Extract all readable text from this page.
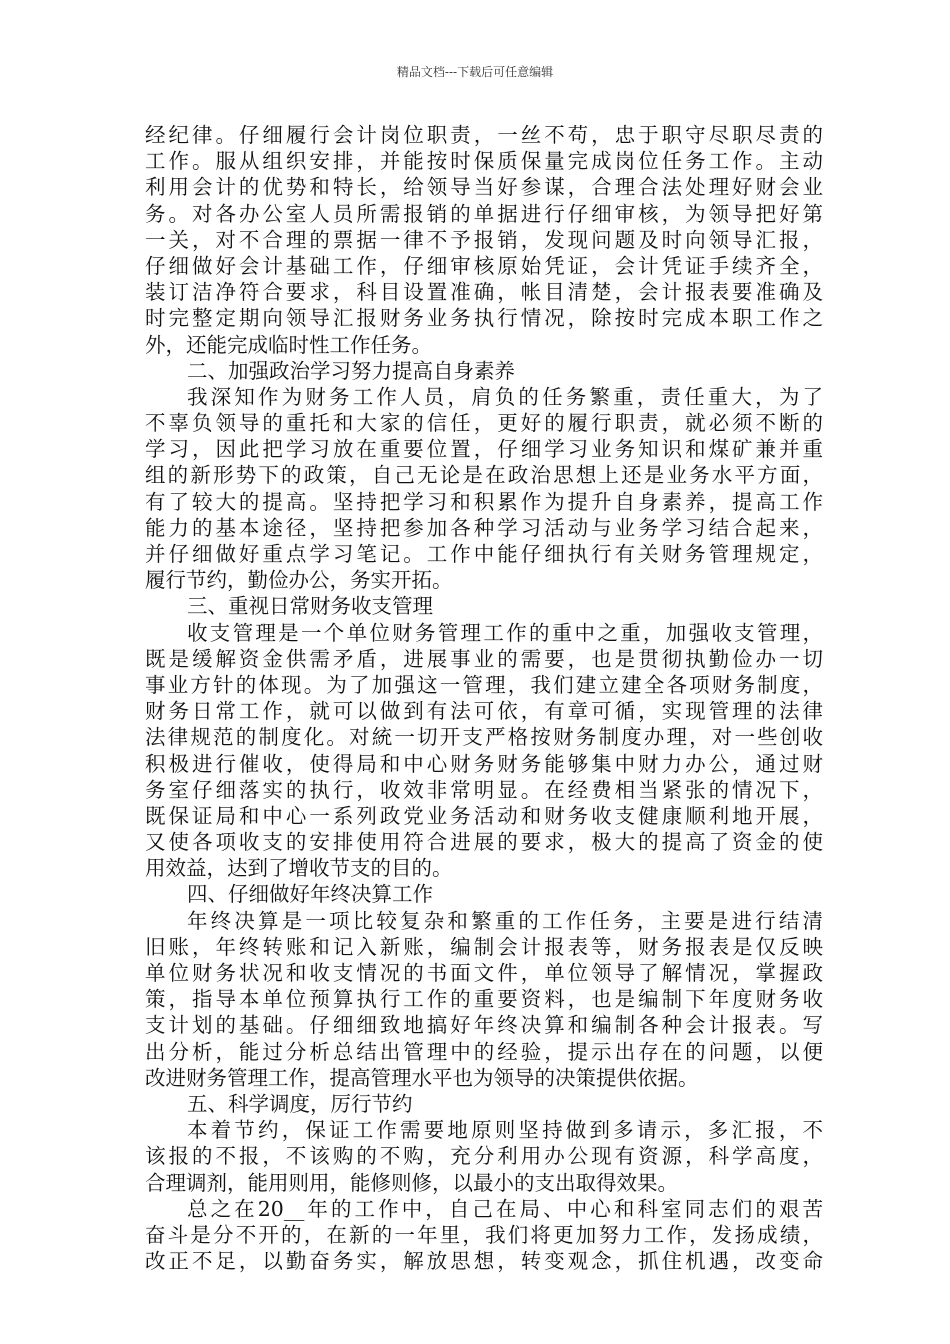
精品文档---下载后可任意编辑
经纪律。仔细履行会计岗位职责，一丝不苟，忠于职守尽职尽责的
工作。服从组织安排，并能按时保质保量完成岗位任务工作。主动
利用会计的优势和特长，给领导当好参谋，合理合法处理好财会业
务。对各办公室人员所需报销的单据进行仔细审核，为领导把好第
一关，对不合理的票据一律不予报销，发现问题及时向领导汇报，
仔细做好会计基础工作，仔细审核原始凭证，会计凭证手续齐全，
装订洁净符合要求，科目设置准确，帐目清楚，会计报表要准确及
时完整定期向领导汇报财务业务执行情况，除按时完成本职工作之
外，还能完成临时性工作任务。
二、加强政治学习努力提高自身素养
我深知作为财务工作人员，肩负的任务繁重，责任重大，为了
不辜负领导的重托和大家的信任，更好的履行职责，就必须不断的
学习，因此把学习放在重要位置，仔细学习业务知识和煤矿兼并重
组的新形势下的政策，自己无论是在政治思想上还是业务水平方面，
有了较大的提高。坚持把学习和积累作为提升自身素养，提高工作
能力的基本途径，坚持把参加各种学习活动与业务学习结合起来，
并仔细做好重点学习笔记。工作中能仔细执行有关财务管理规定，
履行节约，勤俭办公，务实开拓。
三、重视日常财务收支管理
收支管理是一个单位财务管理工作的重中之重，加强收支管理，
既是缓解资金供需矛盾，进展事业的需要，也是贯彻执勤俭办一切
事业方针的体现。为了加强这一管理，我们建立建全各项财务制度，
财务日常工作，就可以做到有法可依，有章可循，实现管理的法律
法律规范的制度化。对統一切开支严格按财务制度办理，对一些创收
积极进行催收，使得局和中心财务财务能够集中财力办公，通过财
务室仔细落实的执行，收效非常明显。在经费相当紧张的情况下，
既保证局和中心一系列政党业务活动和财务收支健康顺利地开展，
又使各项收支的安排使用符合进展的要求，极大的提高了资金的使
用效益，达到了增收节支的目的。
四、仔细做好年终决算工作
年终决算是一项比较复杂和繁重的工作任务，主要是进行结清
旧账，年终转账和记入新账，编制会计报表等，财务报表是仅反映
单位财务状况和收支情况的书面文件，单位领导了解情况，掌握政
策，指导本单位预算执行工作的重要资料，也是编制下年度财务收
支计划的基础。仔细细致地搞好年终决算和编制各种会计报表。写
出分析，能过分析总结出管理中的经验，提示出存在的问题，以便
改进财务管理工作，提高管理水平也为领导的决策提供依据。
五、科学调度，厉行节约
本着节约，保证工作需要地原则坚持做到多请示，多汇报，不
该报的不报，不该购的不购，充分利用办公现有资源，科学高度，
合理调剂，能用则用，能修则修，以最小的支出取得效果。
总之在20__年的工作中，自己在局、中心和科室同志们的艰苦
奋斗是分不开的，在新的一年里，我们将更加努力工作，发扬成绩，
改正不足，以勤奋务实，解放思想，转变观念，抓住机遇，改变命
